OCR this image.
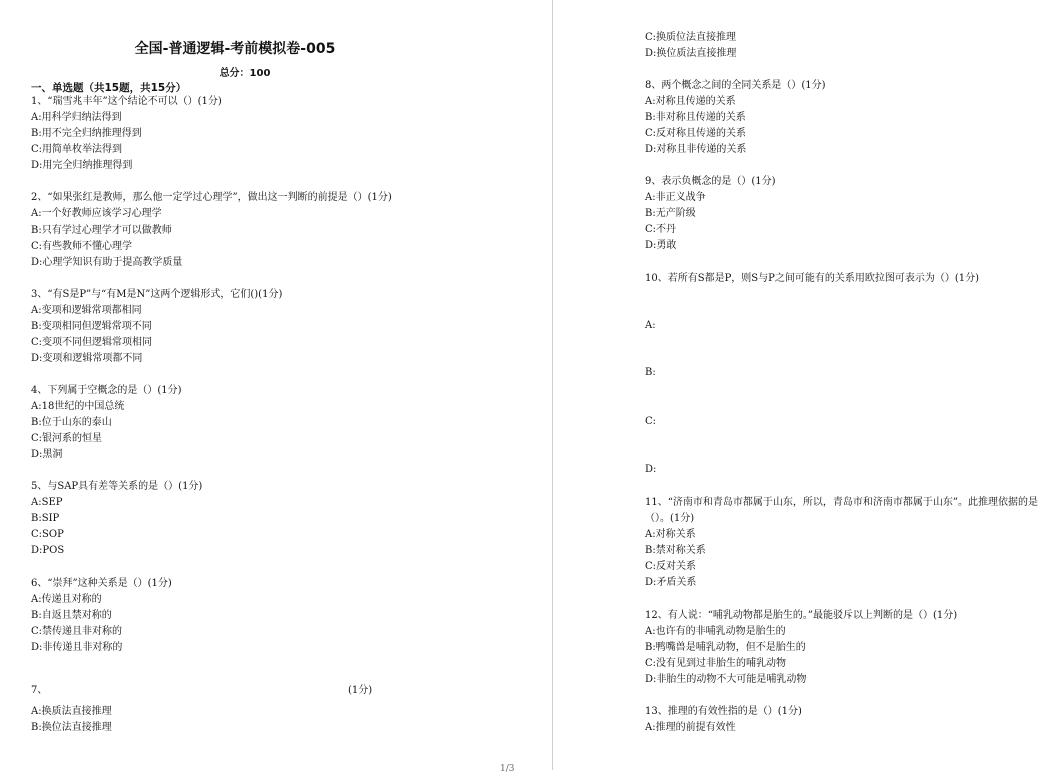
全国-普通逻辑-考前模拟卷-005
总分：100
一、单选题（共15题，共15分）
1、“瑞雪兆丰年”这个结论不可以（）(1分)
A:用科学归纳法得到
B:用不完全归纳推理得到
C:用简单枚举法得到
D:用完全归纳推理得到
2、“如果张红是教师，那么他一定学过心理学”，做出这一判断的前提是（）(1分)
A:一个好教师应该学习心理学
B:只有学过心理学才可以做教师
C:有些教师不懂心理学
D:心理学知识有助于提高教学质量
3、“有S是P”与“有M是N”这两个逻辑形式，它们()(1分)
A:变项和逻辑常项都相同
B:变项相同但逻辑常项不同
C:变项不同但逻辑常项相同
D:变项和逻辑常项都不同
4、下列属于空概念的是（）(1分)
A:18世纪的中国总统
B:位于山东的泰山
C:银河系的恒星
D:黑洞
5、与SAP具有差等关系的是（）(1分)
A:SEP
B:SIP
C:SOP
D:POS
6、“崇拜”这种关系是（）(1分)
A:传递且对称的
B:自返且禁对称的
C:禁传递且非对称的
D:非传递且非对称的
7、	(1分)
A:换质法直接推理
B:换位法直接推理
1/3
C:换质位法直接推理
D:换位质法直接推理
8、两个概念之间的全同关系是（）(1分)
A:对称且传递的关系
B:非对称且传递的关系
C:反对称且传递的关系
D:对称且非传递的关系
9、表示负概念的是（）(1分)
A:非正义战争
B:无产阶级
C:不丹
D:勇敢
10、若所有S都是P，则S与P之间可能有的关系用欧拉图可表示为（）(1分)
A:
B:
C:
D:
11、“济南市和青岛市都属于山东，所以，青岛市和济南市都属于山东”。此推理依据的是
（）。(1分)
A:对称关系
B:禁对称关系
C:反对关系
D:矛盾关系
12、有人说：“哺乳动物都是胎生的。”最能驳斥以上判断的是（）(1分)
A:也许有的非哺乳动物是胎生的
B:鸭嘴兽是哺乳动物，但不是胎生的
C:没有见到过非胎生的哺乳动物
D:非胎生的动物不大可能是哺乳动物
13、推理的有效性指的是（）(1分)
A:推理的前提有效性
